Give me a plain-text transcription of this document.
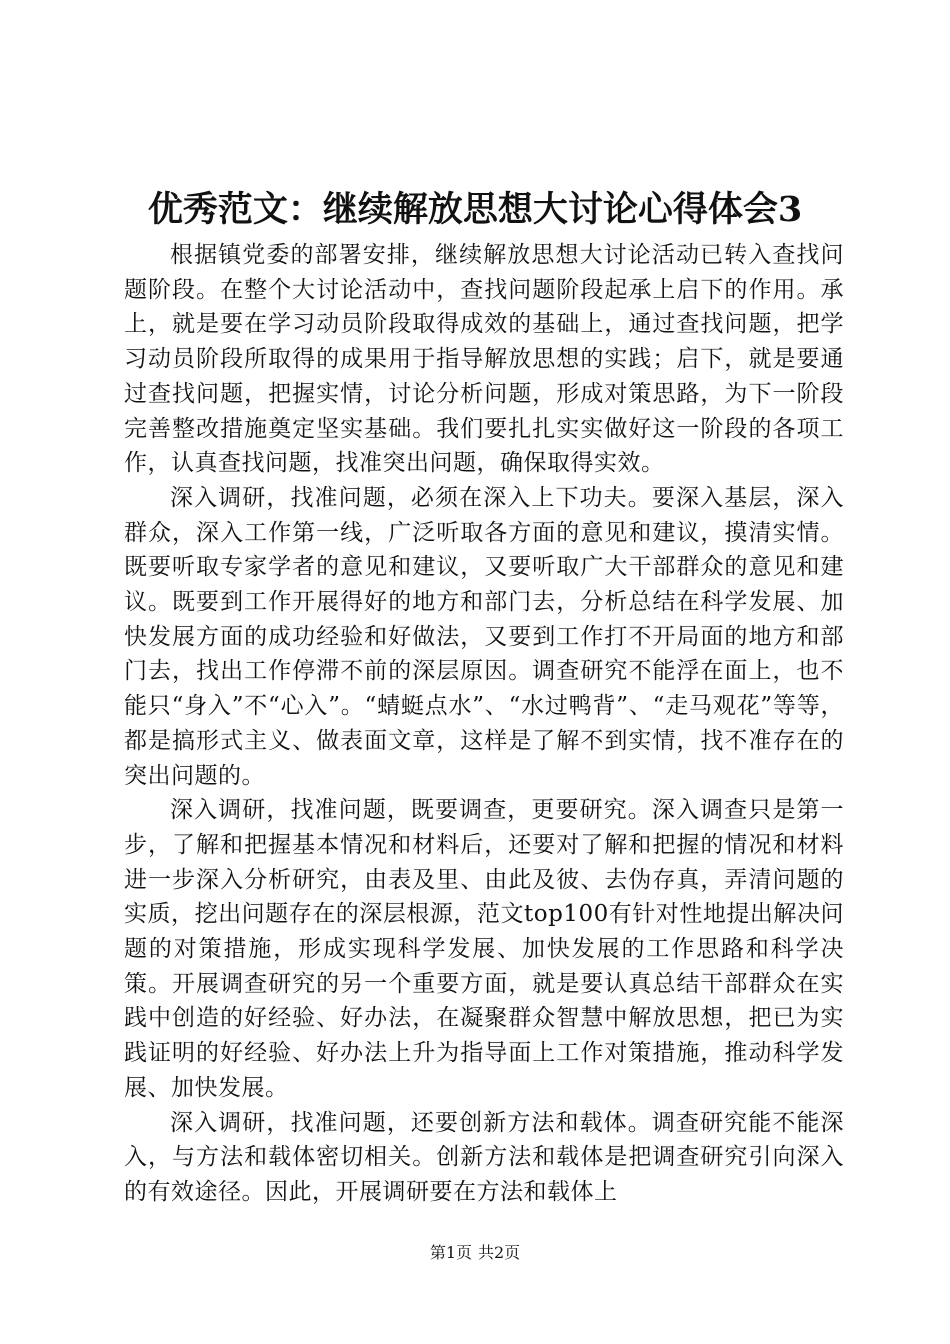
优秀范文：继续解放思想大讨论心得体会3

根据镇党委的部署安排，继续解放思想大讨论活动已转入查找问题阶段。在整个大讨论活动中，查找问题阶段起承上启下的作用。承上，就是要在学习动员阶段取得成效的基础上，通过查找问题，把学习动员阶段所取得的成果用于指导解放思想的实践；启下，就是要通过查找问题，把握实情，讨论分析问题，形成对策思路，为下一阶段完善整改措施奠定坚实基础。我们要扎扎实实做好这一阶段的各项工作，认真查找问题，找准突出问题，确保取得实效。

深入调研，找准问题，必须在深入上下功夫。要深入基层，深入群众，深入工作第一线，广泛听取各方面的意见和建议，摸清实情。既要听取专家学者的意见和建议，又要听取广大干部群众的意见和建议。既要到工作开展得好的地方和部门去，分析总结在科学发展、加快发展方面的成功经验和好做法，又要到工作打不开局面的地方和部门去，找出工作停滞不前的深层原因。调查研究不能浮在面上，也不能只“身入”不“心入”。“蜻蜓点水”、“水过鸭背”、“走马观花”等等，都是搞形式主义、做表面文章，这样是了解不到实情，找不准存在的突出问题的。

深入调研，找准问题，既要调查，更要研究。深入调查只是第一步，了解和把握基本情况和材料后，还要对了解和把握的情况和材料进一步深入分析研究，由表及里、由此及彼、去伪存真，弄清问题的实质，挖出问题存在的深层根源，范文top100有针对性地提出解决问题的对策措施，形成实现科学发展、加快发展的工作思路和科学决策。开展调查研究的另一个重要方面，就是要认真总结干部群众在实践中创造的好经验、好办法，在凝聚群众智慧中解放思想，把已为实践证明的好经验、好办法上升为指导面上工作对策措施，推动科学发展、加快发展。

深入调研，找准问题，还要创新方法和载体。调查研究能不能深入，与方法和载体密切相关。创新方法和载体是把调查研究引向深入的有效途径。因此，开展调研要在方法和载体上

第1页 共2页
